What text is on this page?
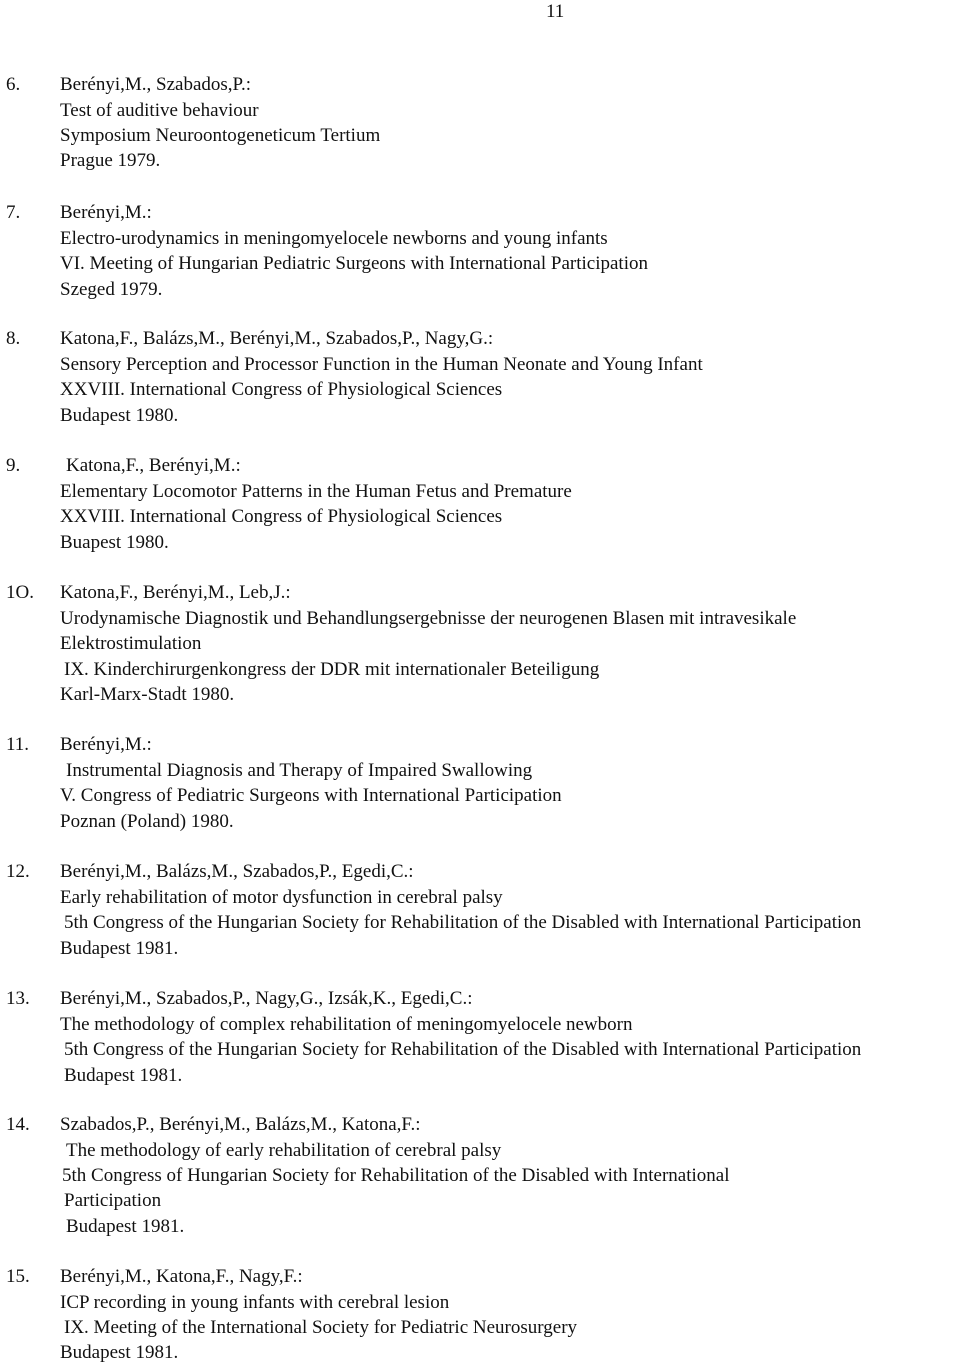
11
6. Berényi,M., Szabados,P.:
Test of auditive behaviour
Symposium Neuroontogeneticum Tertium
Prague 1979.
7. Berényi,M.:
Electro-urodynamics in meningomyelocele newborns and young infants
VI. Meeting of Hungarian Pediatric Surgeons with International Participation
Szeged 1979.
8. Katona,F., Balázs,M., Berényi,M., Szabados,P., Nagy,G.:
Sensory Perception and Processor Function in the Human Neonate and Young Infant
XXVIII. International Congress of Physiological Sciences
Budapest 1980.
9. Katona,F., Berényi,M.:
Elementary Locomotor Patterns in the Human Fetus and Premature
XXVIII. International Congress of Physiological Sciences
Buapest 1980.
1O. Katona,F., Berényi,M., Leb,J.:
Urodynamische Diagnostik und Behandlungsergebnisse der neurogenen Blasen mit intravesikale
Elektrostimulation
IX. Kinderchirurgenkongress der DDR mit internationaler Beteiligung
Karl-Marx-Stadt 1980.
11. Berényi,M.:
Instrumental Diagnosis and Therapy of Impaired Swallowing
V. Congress of Pediatric Surgeons with International Participation
Poznan (Poland) 1980.
12. Berényi,M., Balázs,M., Szabados,P., Egedi,C.:
Early rehabilitation of motor dysfunction in cerebral palsy
5th Congress of the Hungarian Society for Rehabilitation of the Disabled with International Participation
Budapest 1981.
13. Berényi,M., Szabados,P., Nagy,G., Izsák,K., Egedi,C.:
The methodology of complex rehabilitation of meningomyelocele newborn
5th Congress of the Hungarian Society for Rehabilitation of the Disabled with International Participation
Budapest 1981.
14. Szabados,P., Berényi,M., Balázs,M., Katona,F.:
The methodology of early rehabilitation of cerebral palsy
5th Congress of Hungarian Society for Rehabilitation of the Disabled with International
Participation
Budapest 1981.
15. Berényi,M., Katona,F., Nagy,F.:
ICP recording in young infants with cerebral lesion
IX. Meeting of the International Society for Pediatric Neurosurgery
Budapest 1981.
